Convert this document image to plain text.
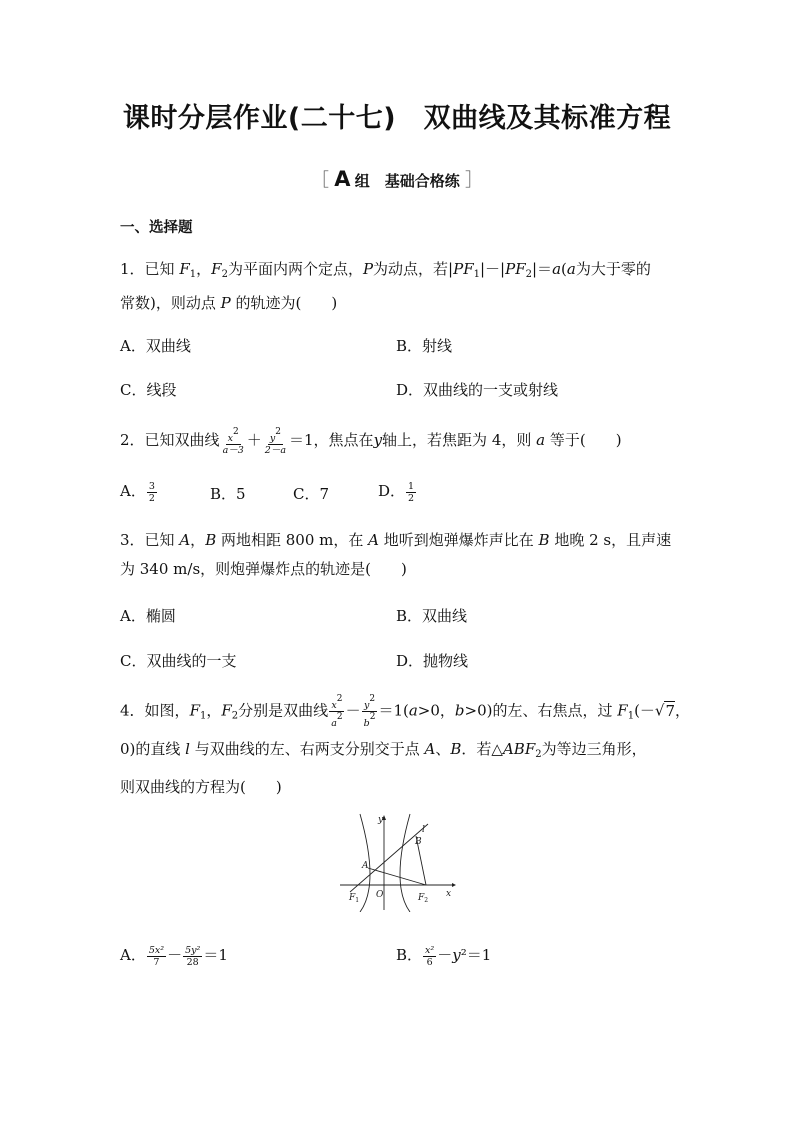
课时分层作业(二十七)　双曲线及其标准方程
［ A 组　基础合格练 ］
一、选择题
1．已知 $F_1$，$F_2$为平面内两个定点，P为动点，若$|PF_1|-|PF_2|=a(a$为大于零的
常数)，则动点 P 的轨迹为(　　)
A．双曲线	B．射线
C．线段	D．双曲线的一支或射线
2．已知双曲线 $\frac{x^2}{a-3} + \frac{y^2}{2-a} =1$，焦点在y轴上，若焦距为 4，则 a 等于(　　)
A． $\frac{3}{2}$	B．5	C．7	D． $\frac{1}{2}$
3．已知 A，B 两地相距 800 m，在 A 地听到炮弹爆炸声比在 B 地晚 2 s，且声速
为 340 m/s，则炮弹爆炸点的轨迹是(　　)
A．椭圆	B．双曲线
C．双曲线的一支	D．抛物线
4．如图，$F_1$，$F_2$分别是双曲线 $\frac{x^2}{a^2} - \frac{y^2}{b^2} =1(a>0$，b>0)的左、右焦点，过 $F_1(-√7$，
0)的直线 l 与双曲线的左、右两支分别交于点 A、B．若$\triangle ABF_2$为等边三角形，
则双曲线的方程为(　　)
y
x
l
B
A
O
$F_1$	$F_2$
A． $\frac{\text{5x²}}{7} - \frac{\text{5y²}}{28} =1$	B． $\frac{\text{x²}}{6} -y^2=1$
